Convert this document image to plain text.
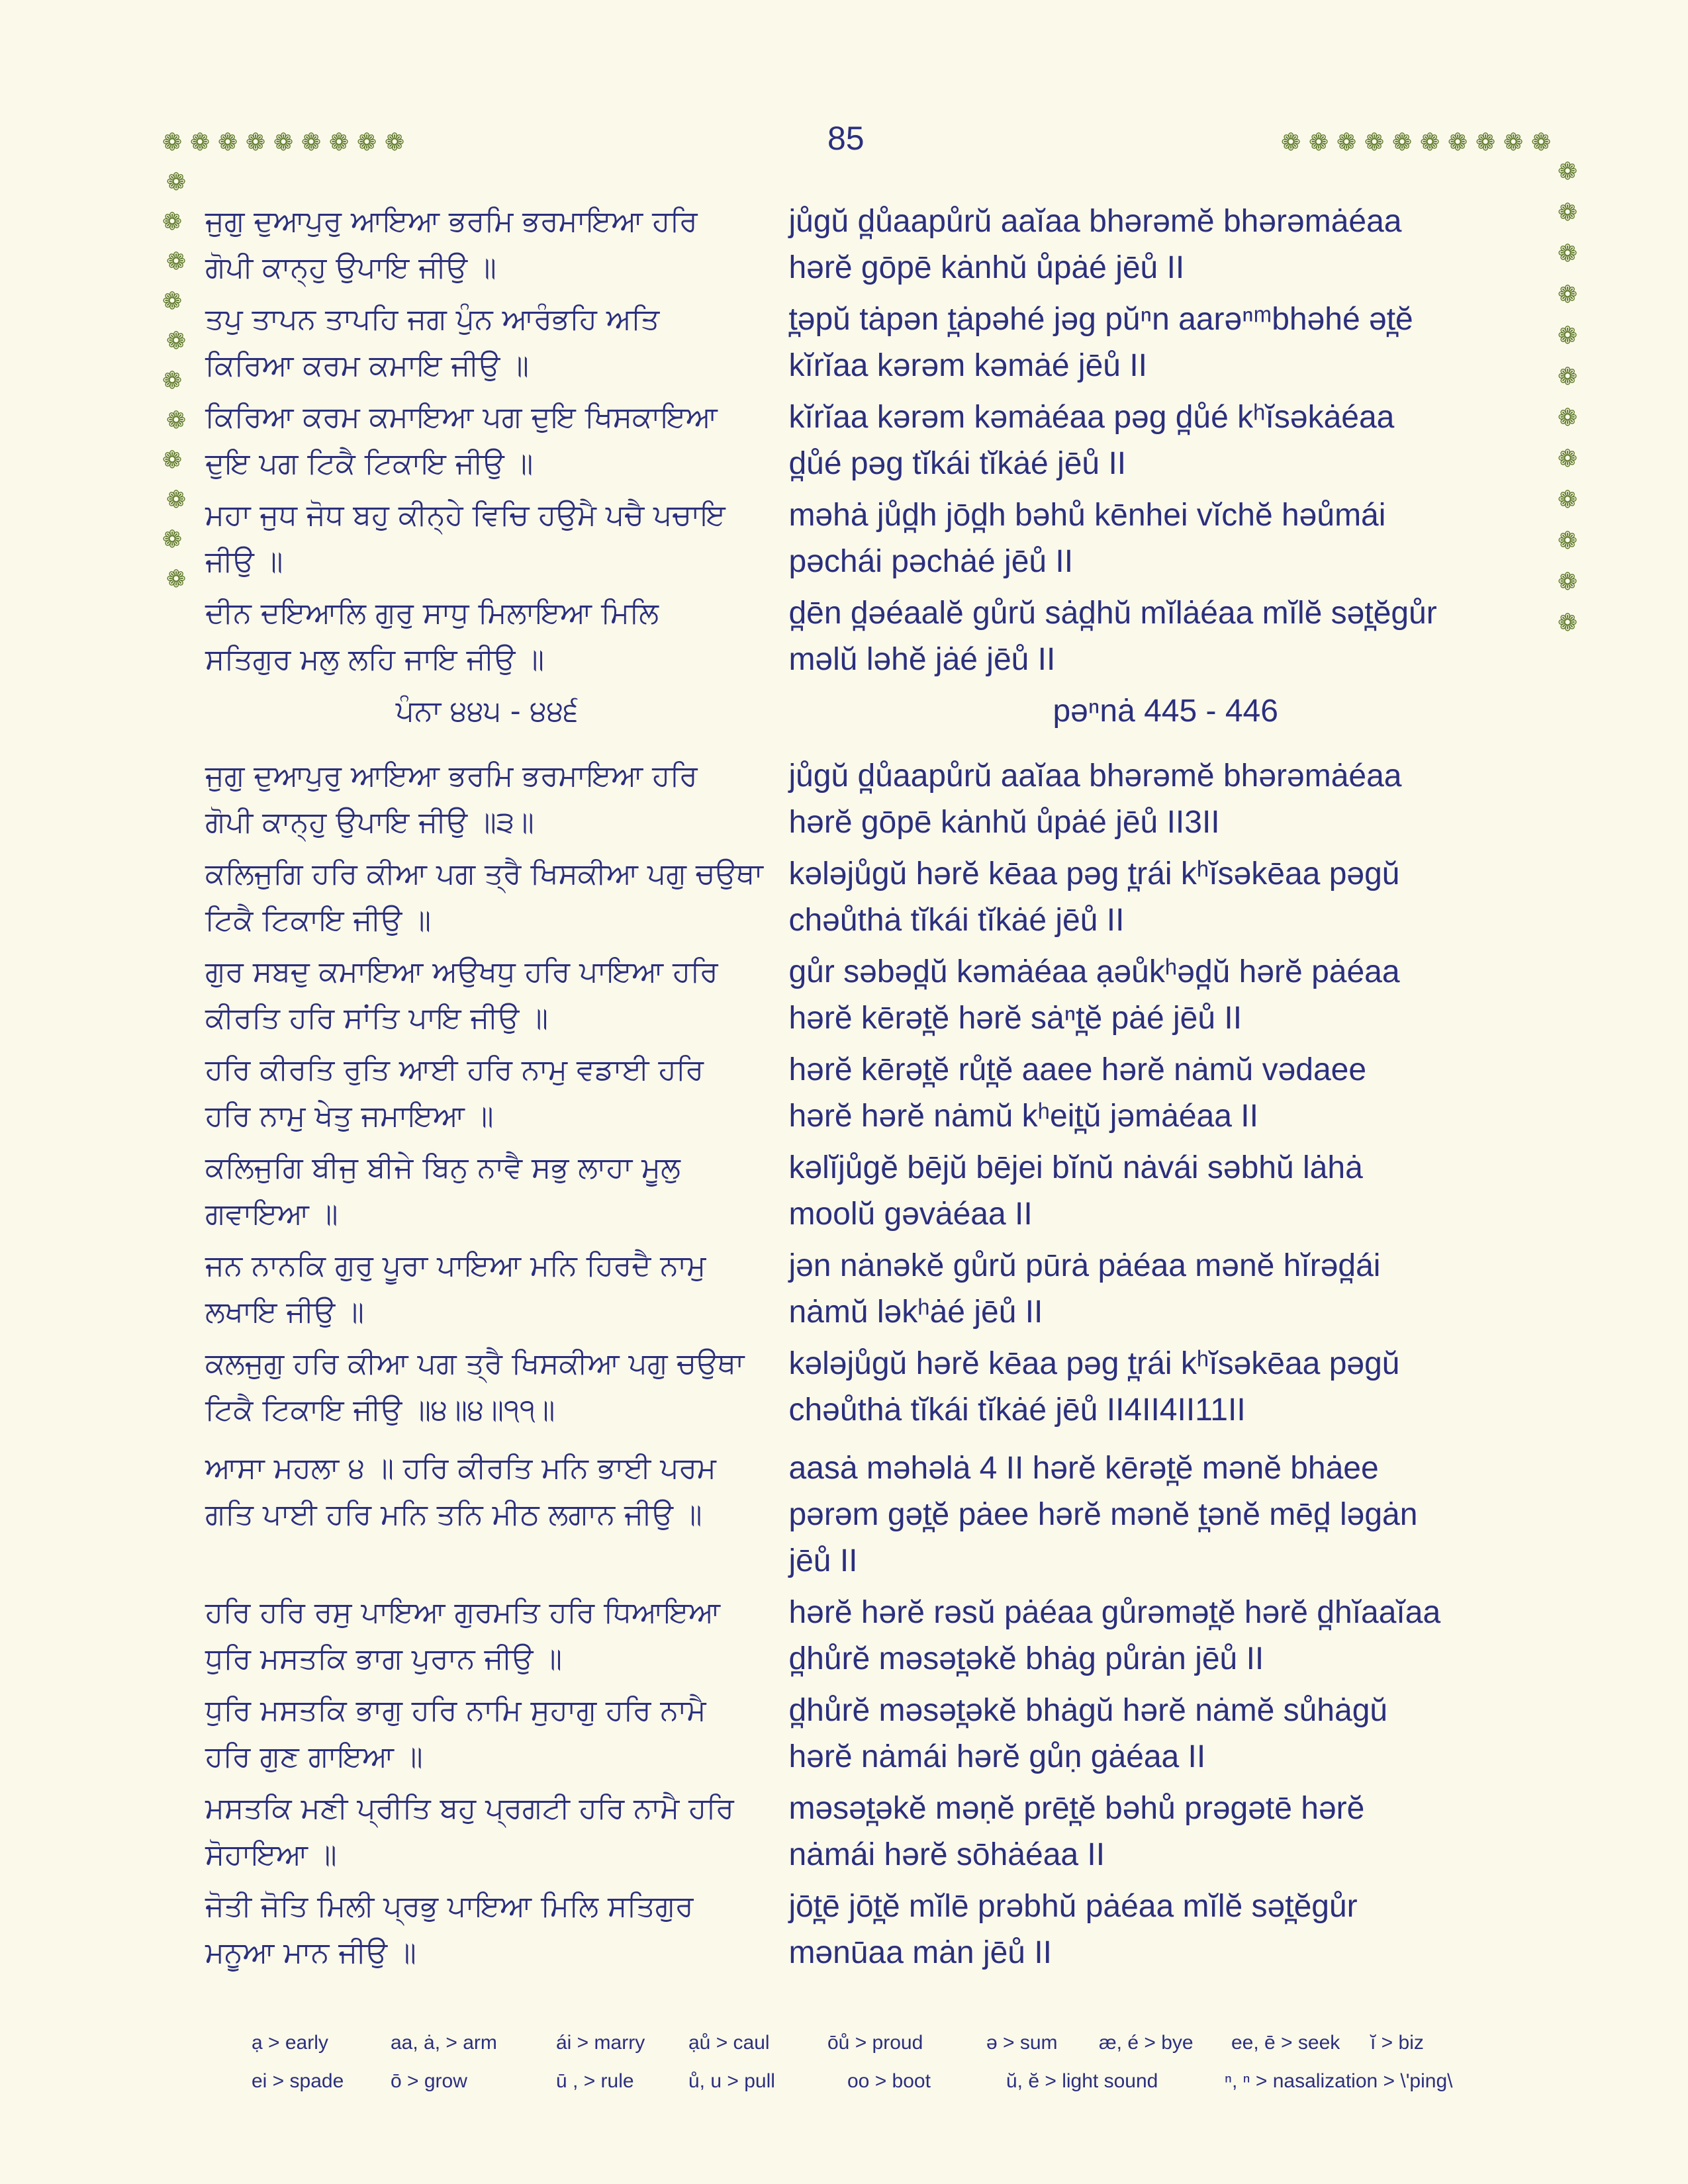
❁ ❁ ❁ ❁ ❁ ❁ ❁ ❁ ❁
❁
❁
❁
❁
❁
❁
❁
❁
❁
❁
❁
❁ ❁ ❁ ❁ ❁ ❁ ❁ ❁ ❁ ❁
❁
❁
❁
❁
❁
❁
❁
❁
❁
❁
❁
❁
85
ਜੁਗੁ ਦੁਆਪੁਰੁ ਆਇਆ ਭਰਮਿ ਭਰਮਾਇਆ ਹਰਿ
ਗੋਪੀ ਕਾਨ੍ਹੁ ਉਪਾਇ ਜੀਉ ॥
jůgŭ d̪ůaapůrŭ aaĭaa bhərəmĕ bhərəmȧéaa
hərĕ gōpē kȧnhŭ ůpȧé jēů II
ਤਪੁ ਤਾਪਨ ਤਾਪਹਿ ਜਗ ਪੁੰਨ ਆਰੰਭਹਿ ਅਤਿ
ਕਿਰਿਆ ਕਰਮ ਕਮਾਇ ਜੀਉ ॥
t̪əpŭ tȧpən t̪ȧpəhé jəg pŭⁿn aarəⁿᵐbhəhé ət̪ĕ
kĭrĭaa kərəm kəmȧé jēů II
ਕਿਰਿਆ ਕਰਮ ਕਮਾਇਆ ਪਗ ਦੁਇ ਖਿਸਕਾਇਆ
ਦੁਇ ਪਗ ਟਿਕੈ ਟਿਕਾਇ ਜੀਉ ॥
kĭrĭaa kərəm kəmȧéaa pəg d̪ůé kʰĭsəkȧéaa
d̪ůé pəg tĭkái tĭkȧé jēů II
ਮਹਾ ਜੁਧ ਜੋਧ ਬਹੁ ਕੀਨ੍ਹੇ ਵਿਚਿ ਹਉਮੈ ਪਚੈ ਪਚਾਇ
ਜੀਉ ॥
məhȧ jůd̪h jōd̪h bəhů kēnhei vĭchĕ həůmái
pəchái pəchȧé jēů II
ਦੀਨ ਦਇਆਲਿ ਗੁਰੁ ਸਾਧੁ ਮਿਲਾਇਆ ਮਿਲਿ
ਸਤਿਗੁਰ ਮਲੁ ਲਹਿ ਜਾਇ ਜੀਉ ॥
d̪ēn d̪əéaalĕ gůrŭ sȧd̪hŭ mĭlȧéaa mĭlĕ sət̪ĕgůr
məlŭ ləhĕ jȧé jēů II
ਪੰਨਾ ੪੪੫ - ੪੪੬	pəⁿnȧ 445 - 446
ਜੁਗੁ ਦੁਆਪੁਰੁ ਆਇਆ ਭਰਮਿ ਭਰਮਾਇਆ ਹਰਿ
ਗੋਪੀ ਕਾਨ੍ਹੁ ਉਪਾਇ ਜੀਉ ॥੩॥
jůgŭ d̪ůaapůrŭ aaĭaa bhərəmĕ bhərəmȧéaa
hərĕ gōpē kȧnhŭ ůpȧé jēů II3II
ਕਲਿਜੁਗਿ ਹਰਿ ਕੀਆ ਪਗ ਤ੍ਰੈ ਖਿਸਕੀਆ ਪਗੁ ਚਉਥਾ
ਟਿਕੈ ਟਿਕਾਇ ਜੀਉ ॥
kələjůgŭ hərĕ kēaa pəg t̪rái kʰĭsəkēaa pəgŭ
chəůthȧ tĭkái tĭkȧé jēů II
ਗੁਰ ਸਬਦੁ ਕਮਾਇਆ ਅਉਖਧੁ ਹਰਿ ਪਾਇਆ ਹਰਿ
ਕੀਰਤਿ ਹਰਿ ਸਾਂਤਿ ਪਾਇ ਜੀਉ ॥
gůr səbəd̪ŭ kəmȧéaa ạəůkʰəd̪ŭ hərĕ pȧéaa
hərĕ kērət̪ĕ hərĕ sȧⁿt̪ĕ pȧé jēů II
ਹਰਿ ਕੀਰਤਿ ਰੁਤਿ ਆਈ ਹਰਿ ਨਾਮੁ ਵਡਾਈ ਹਰਿ
ਹਰਿ ਨਾਮੁ ਖੇਤੁ ਜਮਾਇਆ ॥
hərĕ kērət̪ĕ růt̪ĕ aaee hərĕ nȧmŭ vədaee
hərĕ hərĕ nȧmŭ kʰeit̪ŭ jəmȧéaa II
ਕਲਿਜੁਗਿ ਬੀਜੁ ਬੀਜੇ ਬਿਨੁ ਨਾਵੈ ਸਭੁ ਲਾਹਾ ਮੂਲੁ
ਗਵਾਇਆ ॥
kəlĭjůgĕ bējŭ bējei bĭnŭ nȧvái səbhŭ lȧhȧ
moolŭ gəvȧéaa II
ਜਨ ਨਾਨਕਿ ਗੁਰੁ ਪੂਰਾ ਪਾਇਆ ਮਨਿ ਹਿਰਦੈ ਨਾਮੁ
ਲਖਾਇ ਜੀਉ ॥
jən nȧnəkĕ gůrŭ pūrȧ pȧéaa mənĕ hĭrəd̪ái
nȧmŭ ləkʰȧé jēů II
ਕਲਜੁਗੁ ਹਰਿ ਕੀਆ ਪਗ ਤ੍ਰੈ ਖਿਸਕੀਆ ਪਗੁ ਚਉਥਾ
ਟਿਕੈ ਟਿਕਾਇ ਜੀਉ ॥੪॥੪॥੧੧॥
kələjůgŭ hərĕ kēaa pəg t̪rái kʰĭsəkēaa pəgŭ
chəůthȧ tĭkái tĭkȧé jēů II4II4II11II
ਆਸਾ ਮਹਲਾ ੪ ॥ ਹਰਿ ਕੀਰਤਿ ਮਨਿ ਭਾਈ ਪਰਮ
ਗਤਿ ਪਾਈ ਹਰਿ ਮਨਿ ਤਨਿ ਮੀਠ ਲਗਾਨ ਜੀਉ ॥
aasȧ məhəlȧ 4 II hərĕ kērət̪ĕ mənĕ bhȧee
pərəm gət̪ĕ pȧee hərĕ mənĕ t̪ənĕ mēd̪ ləgȧn
jēů II
ਹਰਿ ਹਰਿ ਰਸੁ ਪਾਇਆ ਗੁਰਮਤਿ ਹਰਿ ਧਿਆਇਆ
ਧੁਰਿ ਮਸਤਕਿ ਭਾਗ ਪੁਰਾਨ ਜੀਉ ॥
hərĕ hərĕ rəsŭ pȧéaa gůrəmət̪ĕ hərĕ d̪hĭaaĭaa
d̪hůrĕ məsət̪əkĕ bhȧg půrȧn jēů II
ਧੁਰਿ ਮਸਤਕਿ ਭਾਗੁ ਹਰਿ ਨਾਮਿ ਸੁਹਾਗੁ ਹਰਿ ਨਾਮੈ
ਹਰਿ ਗੁਣ ਗਾਇਆ ॥
d̪hůrĕ məsət̪əkĕ bhȧgŭ hərĕ nȧmĕ sůhȧgŭ
hərĕ nȧmái hərĕ gůṇ gȧéaa II
ਮਸਤਕਿ ਮਣੀ ਪ੍ਰੀਤਿ ਬਹੁ ਪ੍ਰਗਟੀ ਹਰਿ ਨਾਮੈ ਹਰਿ
ਸੋਹਾਇਆ ॥
məsət̪əkĕ məṇĕ prēt̪ĕ bəhů prəgətē hərĕ
nȧmái hərĕ sōhȧéaa II
ਜੋਤੀ ਜੋਤਿ ਮਿਲੀ ਪ੍ਰਭੁ ਪਾਇਆ ਮਿਲਿ ਸਤਿਗੁਰ
ਮਨੂਆ ਮਾਨ ਜੀਉ ॥
jōt̪ē jōt̪ĕ mĭlē prəbhŭ pȧéaa mĭlĕ sət̪ĕgůr
mənūaa mȧn jēů II
ạ > early	aa, ȧ, > arm	ái > marry	ạů > caul	ōů > proud	ə > sum	æ, é > bye	ee, ē > seek	ĭ > biz
ei > spade	ō > grow	ū , > rule	ů, u > pull	oo > boot	ŭ, ĕ > light sound	ⁿ, ⁿ > nasalization > \'ping\
